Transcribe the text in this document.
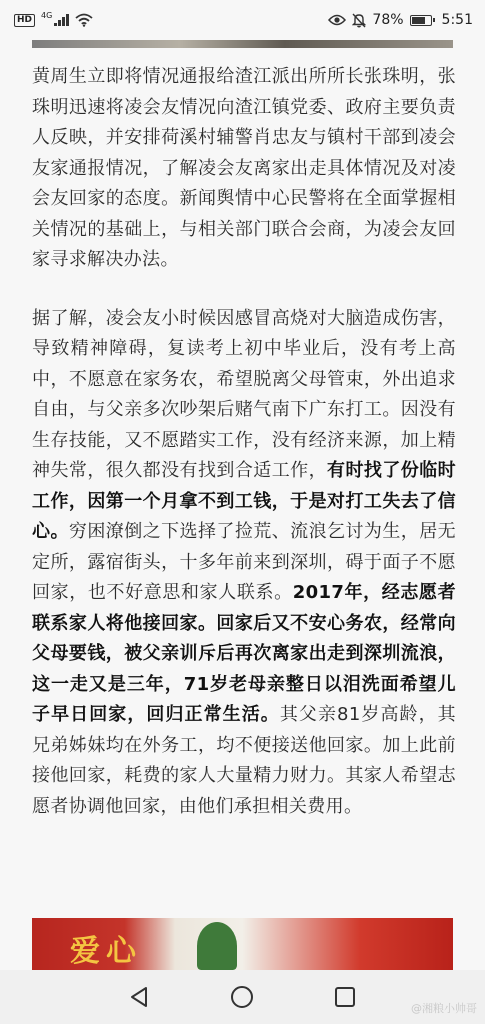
HD	4G	78%	5:51

黄周生立即将情况通报给渣江派出所所长张珠明，张珠明迅速将凌会友情况向渣江镇党委、政府主要负责人反映，并安排荷溪村辅警肖忠友与镇村干部到凌会友家通报情况，了解凌会友离家出走具体情况及对凌会友回家的态度。新闻舆情中心民警将在全面掌握相关情况的基础上，与相关部门联合会商，为凌会友回家寻求解决办法。

据了解，凌会友小时候因感冒高烧对大脑造成伤害，导致精神障碍，复读考上初中毕业后，没有考上高中，不愿意在家务农，希望脱离父母管束，外出追求自由，与父亲多次吵架后赌气南下广东打工。因没有生存技能，又不愿踏实工作，没有经济来源，加上精神失常，很久都没有找到合适工作，有时找了份临时工作，因第一个月拿不到工钱，于是对打工失去了信心。穷困潦倒之下选择了捡荒、流浪乞讨为生，居无定所，露宿街头，十多年前来到深圳，碍于面子不愿回家，也不好意思和家人联系。2017年，经志愿者联系家人将他接回家。回家后又不安心务农，经常向父母要钱，被父亲训斥后再次离家出走到深圳流浪，这一走又是三年，71岁老母亲整日以泪洗面希望儿子早日回家，回归正常生活。其父亲81岁高龄，其兄弟姊妹均在外务工，均不便接送他回家。加上此前接他回家，耗费的家人大量精力财力。其家人希望志愿者协调他回家，由他们承担相关费用。

爱心
@湘粮小帅哥
